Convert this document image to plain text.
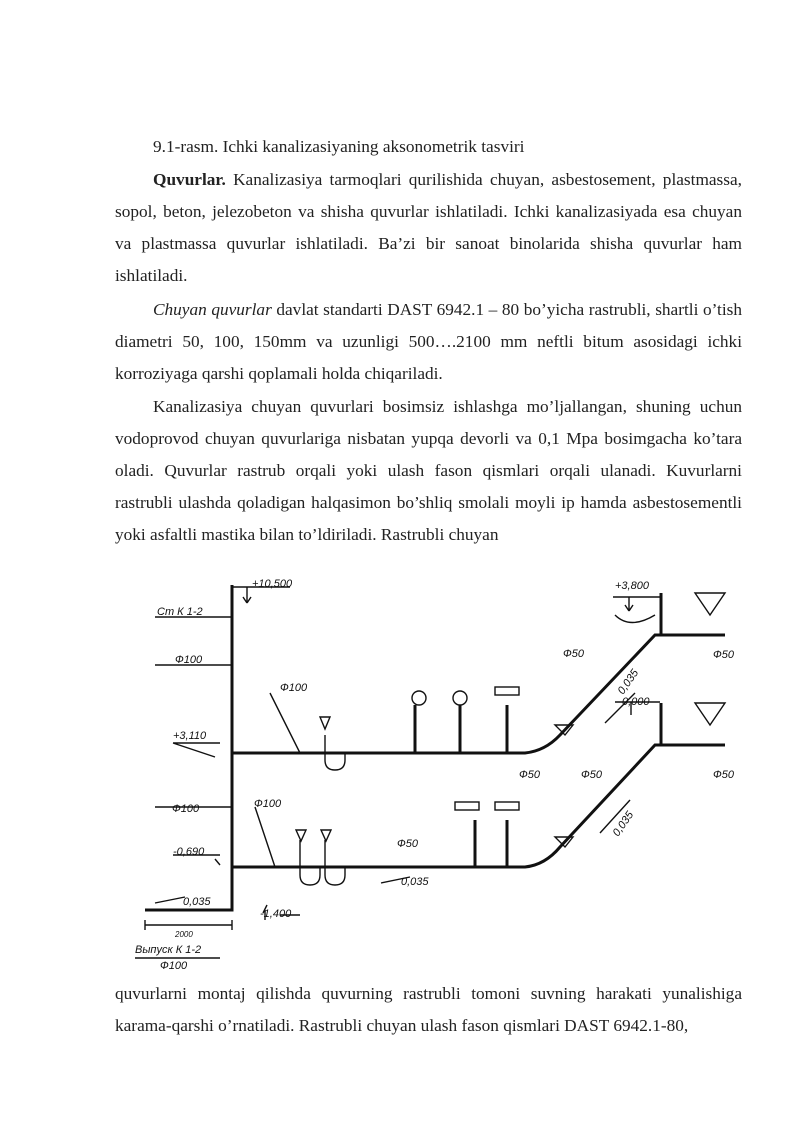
9.1-rasm. Ichki kanalizasiyaning aksonometrik tasviri

Quvurlar. Kanalizasiya tarmoqlari qurilishida chuyan, asbestosement, plastmassa, sopol, beton, jelezobeton va shisha quvurlar ishlatiladi. Ichki kanalizasiyada esa chuyan va plastmassa quvurlar ishlatiladi. Ba’zi bir sanoat binolarida shisha quvurlar ham ishlatiladi.

Chuyan quvurlar davlat standarti DAST 6942.1 – 80 bo’yicha rastrubli, shartli o’tish diametri 50, 100, 150mm va uzunligi 500….2100 mm neftli bitum asosidagi ichki korroziyaga qarshi qoplamali holda chiqariladi.

Kanalizasiya chuyan quvurlari bosimsiz ishlashga mo’ljallangan, shuning uchun vodoprovod chuyan quvurlariga nisbatan yupqa devorli va 0,1 Mpa bosimgacha ko’tara oladi. Quvurlar rastrub orqali yoki ulash fason qismlari orqali ulanadi. Kuvurlarni rastrubli ulashda qoladigan halqasimon bo’shliq smolali moyli ip hamda asbestosementli yoki asfaltli mastika bilan to’ldiriladi. Rastrubli chuyan

Ст К 1-2
+10,500	+3,800
0,000
+3,110
-0,690
-1,400
0,035
0,035
0,035
0,035
Ф100
Ф100
Ф100	Ф100
Ф50	Ф50
Ф50	Ф50	Ф50
Ф50
2000
Выпуск К 1-2
Ф100

quvurlarni montaj qilishda quvurning rastrubli tomoni suvning harakati yunalishiga karama-qarshi o’rnatiladi. Rastrubli chuyan ulash fason qismlari DAST 6942.1-80,
